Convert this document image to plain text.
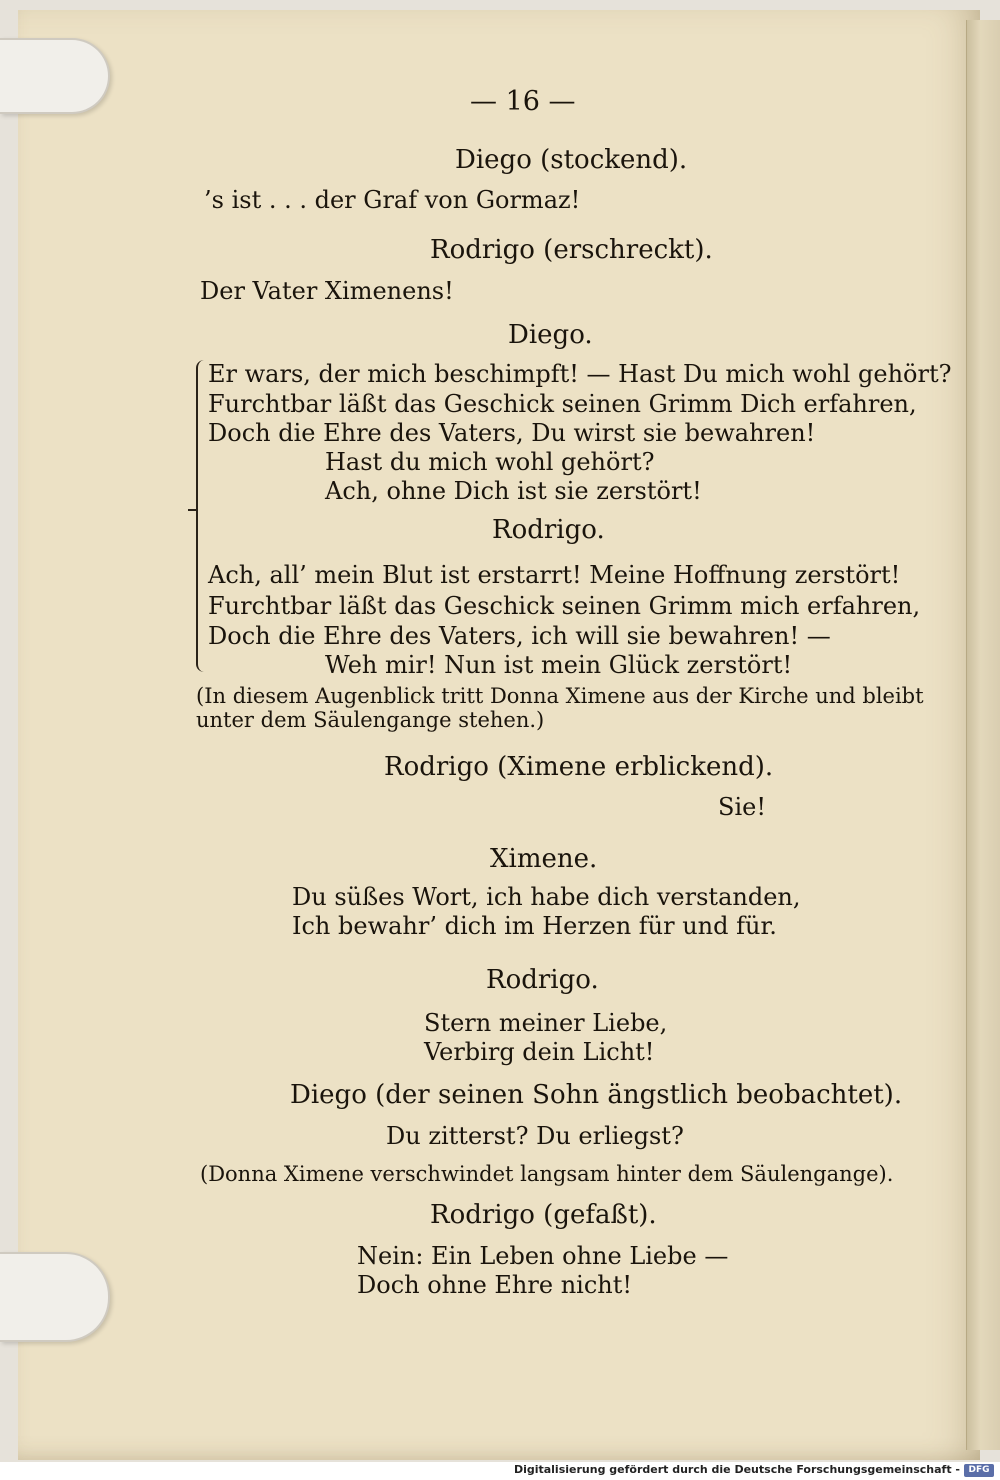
— 16 —

Diego (stockend).

’s ist . . . der Graf von Gormaz!

Rodrigo (erschreckt).

Der Vater Ximenens!

Diego.

Er wars, der mich beschimpft! — Hast Du mich wohl gehört?

Furchtbar läßt das Geschick seinen Grimm Dich erfahren,

Doch die Ehre des Vaters, Du wirst sie bewahren!

Hast du mich wohl gehört?

Ach, ohne Dich ist sie zerstört!

Rodrigo.

Ach, all’ mein Blut ist erstarrt! Meine Hoffnung zerstört!

Furchtbar läßt das Geschick seinen Grimm mich erfahren,

Doch die Ehre des Vaters, ich will sie bewahren! —

Weh mir! Nun ist mein Glück zerstört!

(In diesem Augenblick tritt Donna Ximene aus der Kirche und bleibt

unter dem Säulengange stehen.)

Rodrigo (Ximene erblickend).

Sie!

Ximene.

Du süßes Wort, ich habe dich verstanden,

Ich bewahr’ dich im Herzen für und für.

Rodrigo.

Stern meiner Liebe,

Verbirg dein Licht!

Diego (der seinen Sohn ängstlich beobachtet).

Du zitterst? Du erliegst?

(Donna Ximene verschwindet langsam hinter dem Säulengange).

Rodrigo (gefaßt).

Nein: Ein Leben ohne Liebe —

Doch ohne Ehre nicht!

Digitalisierung gefördert durch die Deutsche Forschungsgemeinschaft - DFG
